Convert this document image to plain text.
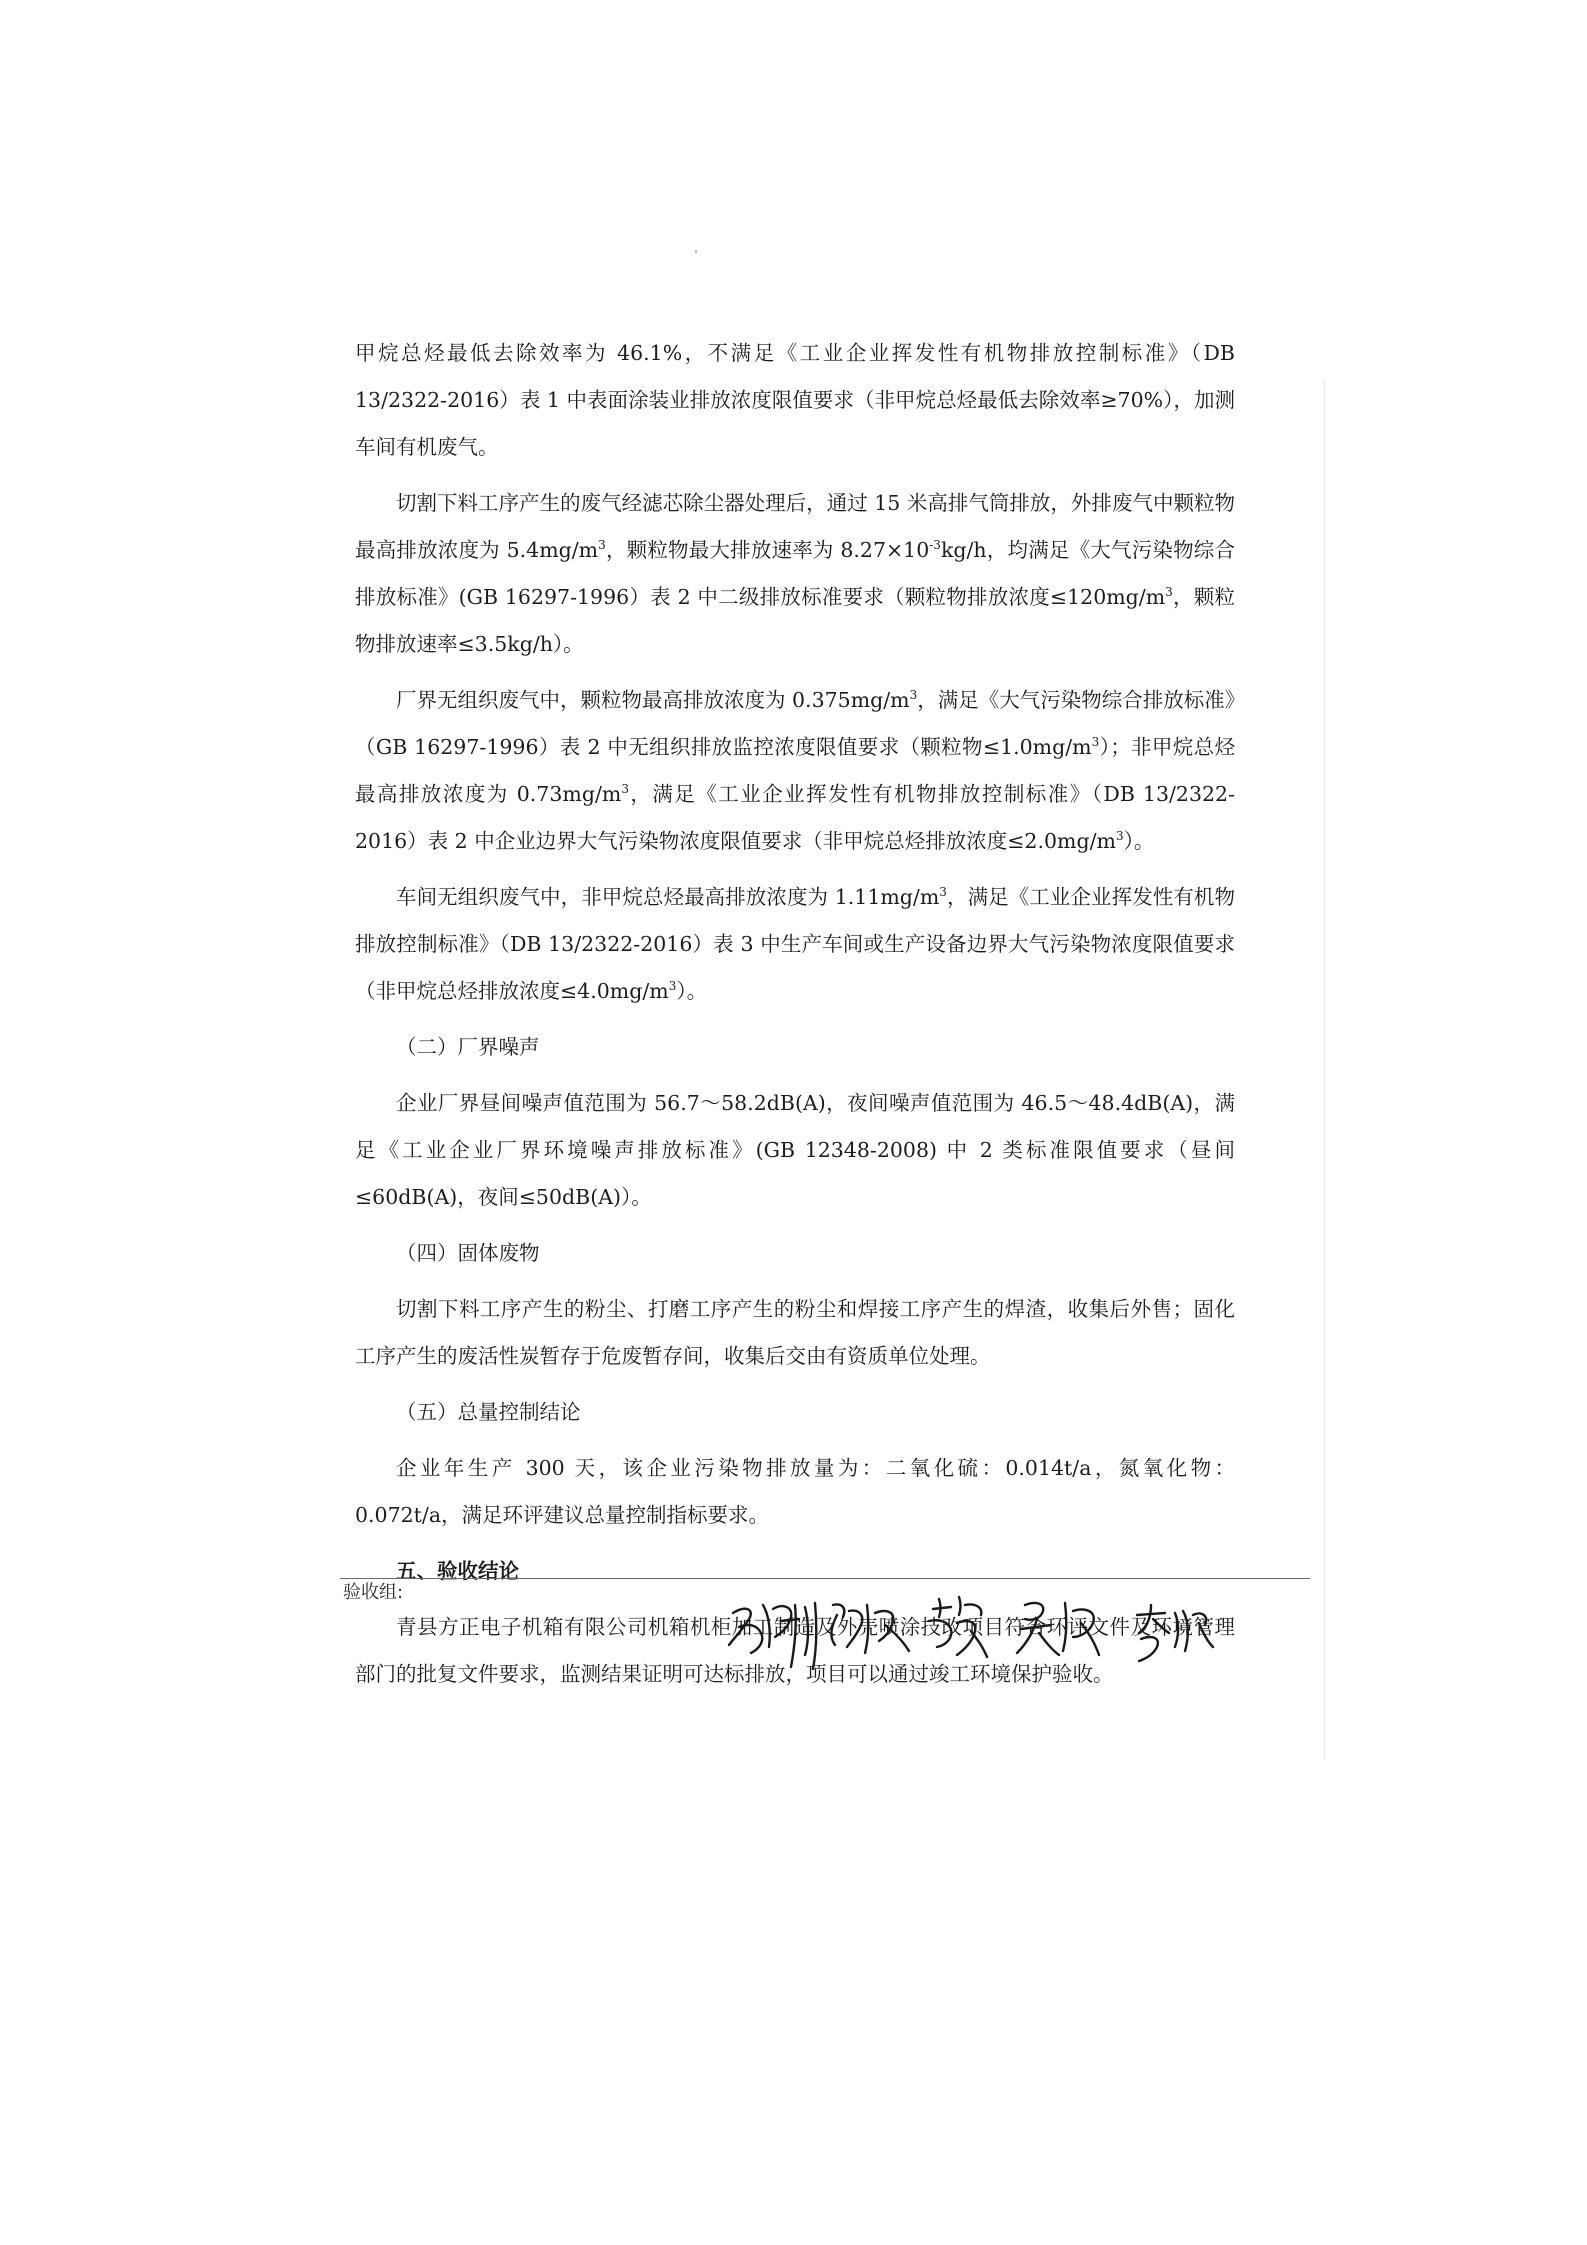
甲烷总烃最低去除效率为 46.1%，不满足《工业企业挥发性有机物排放控制标准》（DB 13/2322-2016）表 1 中表面涂装业排放浓度限值要求（非甲烷总烃最低去除效率≥70%），加测车间有机废气。

切割下料工序产生的废气经滤芯除尘器处理后，通过 15 米高排气筒排放，外排废气中颗粒物最高排放浓度为 $5.4mg/m^3$，颗粒物最大排放速率为 $8.27\times 10^{-3}kg/h$，均满足《大气污染物综合排放标准》(GB 16297-1996）表 2 中二级排放标准要求（颗粒物排放浓度$\le 120mg/m^3$，颗粒物排放速率≤3.5kg/h）。

厂界无组织废气中，颗粒物最高排放浓度为 $0.375mg/m^3$，满足《大气污染物综合排放标准》（GB 16297-1996）表 2 中无组织排放监控浓度限值要求（颗粒物$\le 1.0mg/m^3$）；非甲烷总烃最高排放浓度为 $0.73mg/m^3$，满足《工业企业挥发性有机物排放控制标准》（DB 13/2322-2016）表 2 中企业边界大气污染物浓度限值要求（非甲烷总烃排放浓度$\le 2.0mg/m^3$）。

车间无组织废气中，非甲烷总烃最高排放浓度为 $1.11mg/m^3$，满足《工业企业挥发性有机物排放控制标准》（DB 13/2322-2016）表 3 中生产车间或生产设备边界大气污染物浓度限值要求（非甲烷总烃排放浓度$\le 4.0mg/m^3$）。

（二）厂界噪声

企业厂界昼间噪声值范围为 56.7～58.2dB(A)，夜间噪声值范围为 46.5～48.4dB(A)，满足《工业企业厂界环境噪声排放标准》(GB 12348-2008) 中 2 类标准限值要求（昼间≤60dB(A)，夜间≤50dB(A)）。

（四）固体废物

切割下料工序产生的粉尘、打磨工序产生的粉尘和焊接工序产生的焊渣，收集后外售；固化工序产生的废活性炭暂存于危废暂存间，收集后交由有资质单位处理。

（五）总量控制结论

企业年生产 300 天，该企业污染物排放量为：二氧化硫：0.014t/a，氮氧化物：0.072t/a，满足环评建议总量控制指标要求。

五、验收结论

青县方正电子机箱有限公司机箱机柜加工制造及外壳喷涂技改项目符合环评文件及环境管理部门的批复文件要求，监测结果证明可达标排放，项目可以通过竣工环境保护验收。

验收组:
